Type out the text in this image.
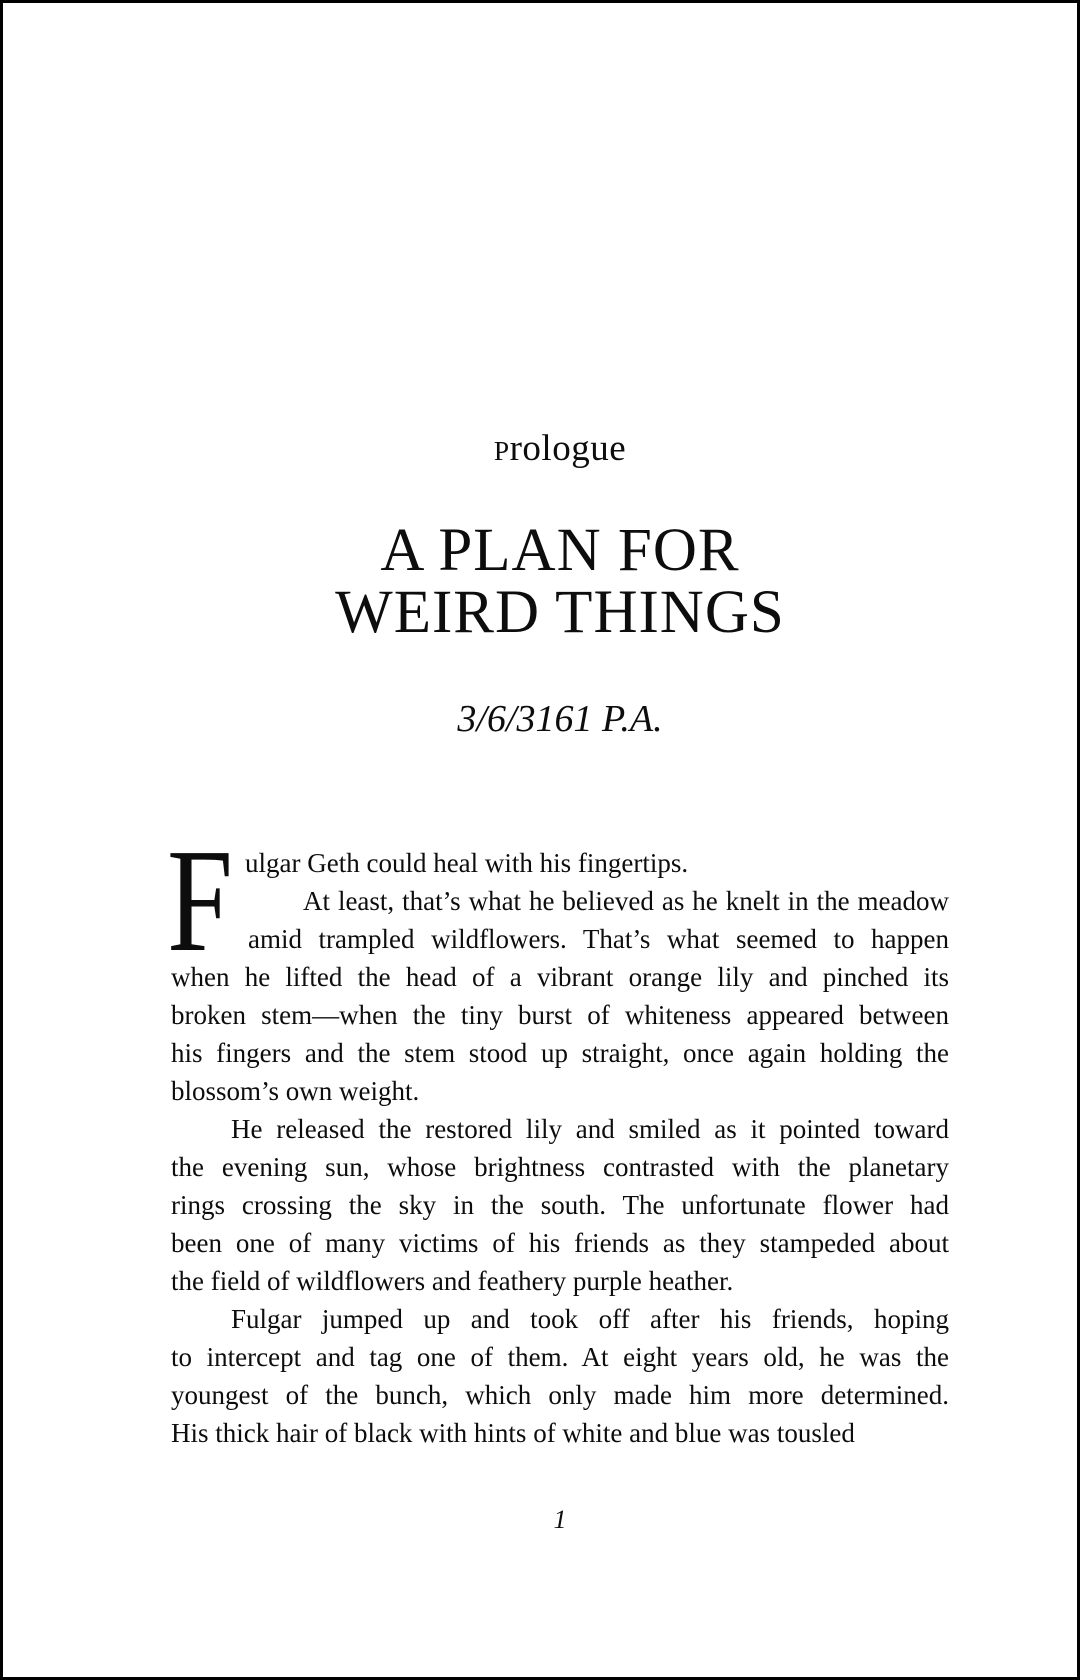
Prologue
A PLAN FOR
WEIRD THINGS
3/6/3161 P.A.
F ulgar Geth could heal with his fingertips.
At least, that’s what he believed as he knelt in the meadow
amid trampled wildflowers. That’s what seemed to happen
when he lifted the head of a vibrant orange lily and pinched its
broken stem—when the tiny burst of whiteness appeared between
his fingers and the stem stood up straight, once again holding the
blossom’s own weight.
He released the restored lily and smiled as it pointed toward
the evening sun, whose brightness contrasted with the planetary
rings crossing the sky in the south. The unfortunate flower had
been one of many victims of his friends as they stampeded about
the field of wildflowers and feathery purple heather.
Fulgar jumped up and took off after his friends, hoping
to intercept and tag one of them. At eight years old, he was the
youngest of the bunch, which only made him more determined.
His thick hair of black with hints of white and blue was tousled
1
